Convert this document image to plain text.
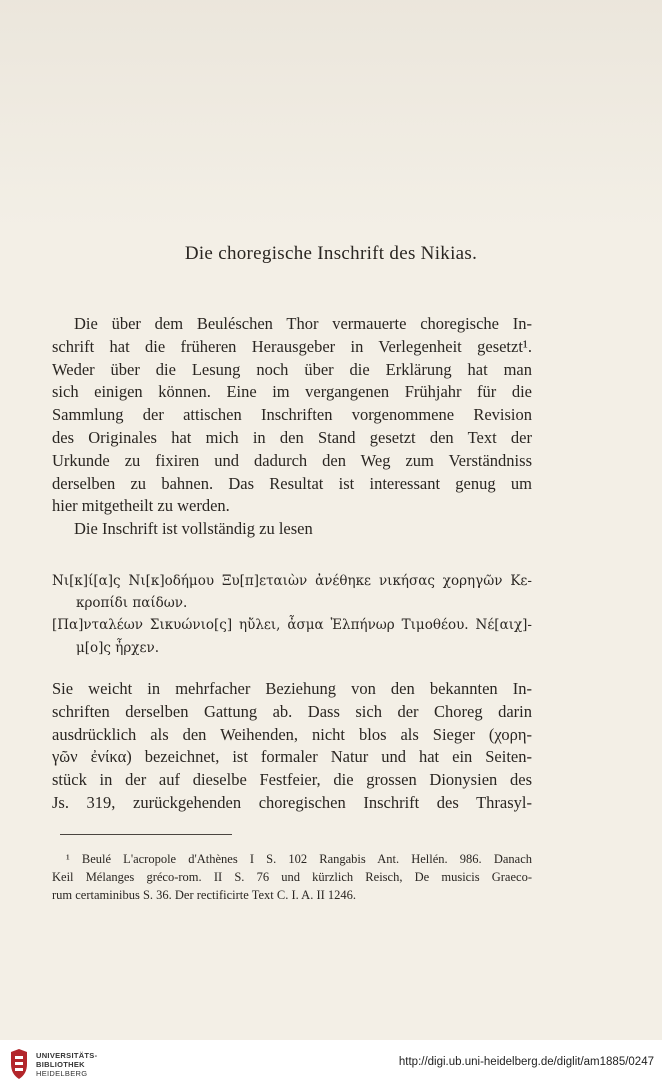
Die choregische Inschrift des Nikias.
Die über dem Beuléschen Thor vermauerte choregische In-
schrift hat die früheren Herausgeber in Verlegenheit gesetzt¹.
Weder über die Lesung noch über die Erklärung hat man
sich einigen können. Eine im vergangenen Frühjahr für die
Sammlung der attischen Inschriften vorgenommene Revision
des Originales hat mich in den Stand gesetzt den Text der
Urkunde zu fixiren und dadurch den Weg zum Verständniss
derselben zu bahnen. Das Resultat ist interessant genug um
hier mitgetheilt zu werden.
Die Inschrift ist vollständig zu lesen
Νι[κ]ί[α]ς Νι[κ]οδήμου Ξυ[π]εταιὼν ἀνέθηκε νικήσας χορηγῶν Κε-
κροπίδι παίδων.
[Πα]νταλέων Σικυώνιο[ς] ηὔλει, ἆσμα Ἐλπήνωρ Τιμοθέου. Νέ[αιχ]-
μ[ο]ς ἦρχεν.
Sie weicht in mehrfacher Beziehung von den bekannten In-
schriften derselben Gattung ab. Dass sich der Choreg darin
ausdrücklich als den Weihenden, nicht blos als Sieger (χορη-
γῶν ἐνίκα) bezeichnet, ist formaler Natur und hat ein Seiten-
stück in der auf dieselbe Festfeier, die grossen Dionysien des
Js. 319, zurückgehenden choregischen Inschrift des Thrasyl-
¹ Beulé L'acropole d'Athènes I S. 102 Rangabis Ant. Hellén. 986. Danach
Keil Mélanges gréco-rom. II S. 76 und kürzlich Reisch, De musicis Graeco-
rum certaminibus S. 36. Der rectificirte Text C. I. A. II 1246.
UNIVERSITÄTS-
BIBLIOTHEK
HEIDELBERG
http://digi.ub.uni-heidelberg.de/diglit/am1885/0247
